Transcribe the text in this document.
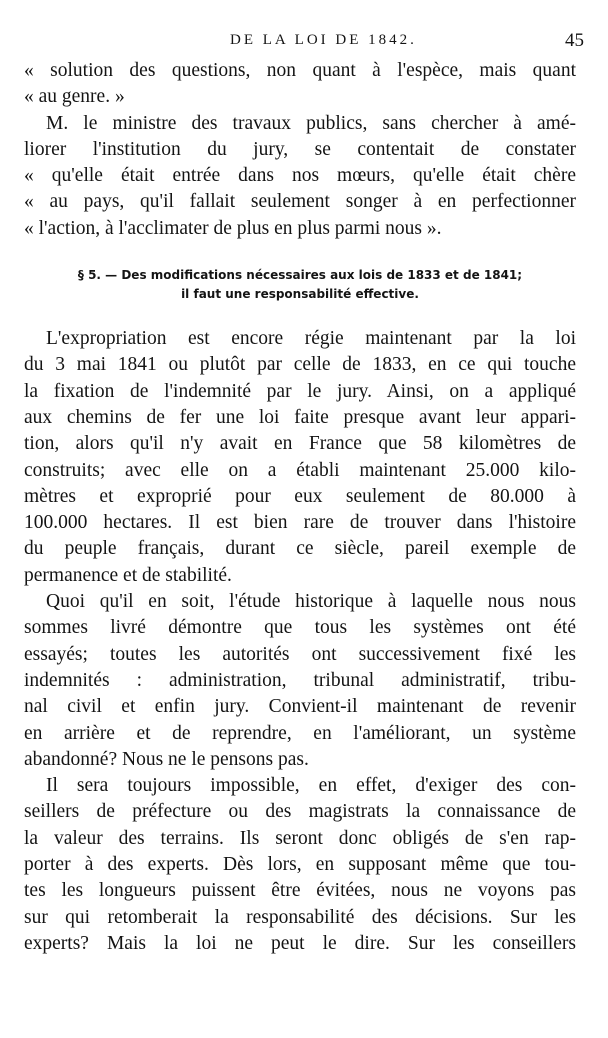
DE LA LOI DE 1842.	45
« solution des questions, non quant à l'espèce, mais quant
« au genre. »
M. le ministre des travaux publics, sans chercher à amé-
liorer l'institution du jury, se contentait de constater
« qu'elle était entrée dans nos mœurs, qu'elle était chère
« au pays, qu'il fallait seulement songer à en perfectionner
« l'action, à l'acclimater de plus en plus parmi nous ».
§ 5. — Des modifications nécessaires aux lois de 1833 et de 1841;
il faut une responsabilité effective.
L'expropriation est encore régie maintenant par la loi
du 3 mai 1841 ou plutôt par celle de 1833, en ce qui touche
la fixation de l'indemnité par le jury. Ainsi, on a appliqué
aux chemins de fer une loi faite presque avant leur appari-
tion, alors qu'il n'y avait en France que 58 kilomètres de
construits; avec elle on a établi maintenant 25.000 kilo-
mètres et exproprié pour eux seulement de 80.000 à
100.000 hectares. Il est bien rare de trouver dans l'histoire
du peuple français, durant ce siècle, pareil exemple de
permanence et de stabilité.
Quoi qu'il en soit, l'étude historique à laquelle nous nous
sommes livré démontre que tous les systèmes ont été
essayés; toutes les autorités ont successivement fixé les
indemnités : administration, tribunal administratif, tribu-
nal civil et enfin jury. Convient-il maintenant de revenir
en arrière et de reprendre, en l'améliorant, un système
abandonné? Nous ne le pensons pas.
Il sera toujours impossible, en effet, d'exiger des con-
seillers de préfecture ou des magistrats la connaissance de
la valeur des terrains. Ils seront donc obligés de s'en rap-
porter à des experts. Dès lors, en supposant même que tou-
tes les longueurs puissent être évitées, nous ne voyons pas
sur qui retomberait la responsabilité des décisions. Sur les
experts? Mais la loi ne peut le dire. Sur les conseillers
